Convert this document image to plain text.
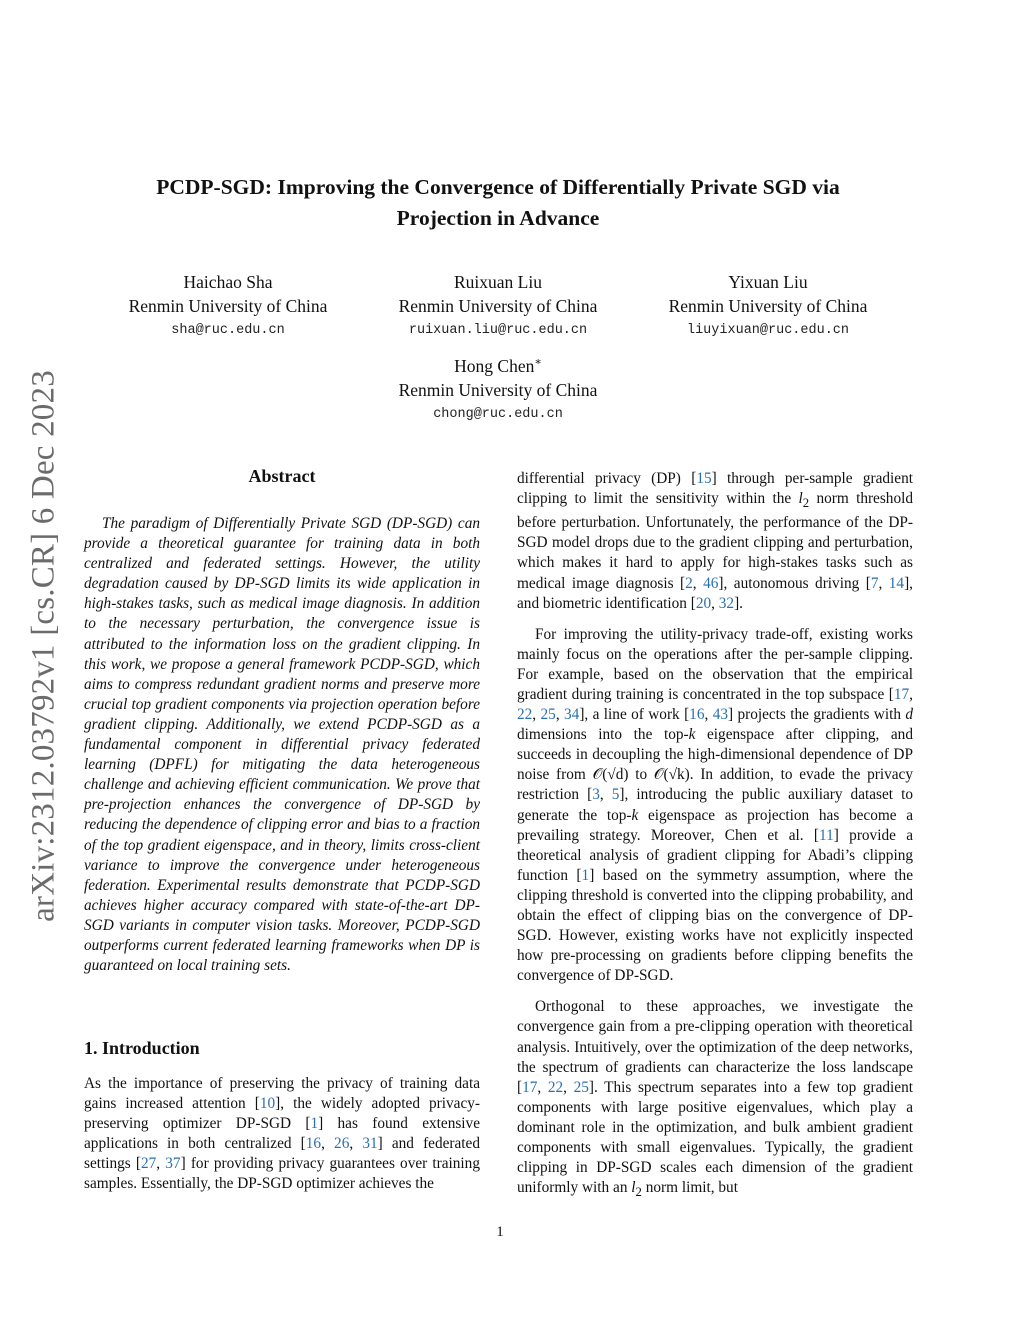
arXiv:2312.03792v1 [cs.CR] 6 Dec 2023
PCDP-SGD: Improving the Convergence of Differentially Private SGD via
Projection in Advance
Haichao Sha
Renmin University of China
sha@ruc.edu.cn
Ruixuan Liu
Renmin University of China
ruixuan.liu@ruc.edu.cn
Yixuan Liu
Renmin University of China
liuyixuan@ruc.edu.cn
Hong Chen∗
Renmin University of China
chong@ruc.edu.cn
Abstract

The paradigm of Differentially Private SGD (DP-SGD) can provide a theoretical guarantee for training data in both centralized and federated settings. However, the utility degradation caused by DP-SGD limits its wide application in high-stakes tasks, such as medical image diagnosis. In addition to the necessary perturbation, the convergence issue is attributed to the information loss on the gradient clipping. In this work, we propose a general framework PCDP-SGD, which aims to compress redundant gradient norms and preserve more crucial top gradient components via projection operation before gradient clipping. Additionally, we extend PCDP-SGD as a fundamental component in differential privacy federated learning (DPFL) for mitigating the data heterogeneous challenge and achieving efficient communication. We prove that pre-projection enhances the convergence of DP-SGD by reducing the dependence of clipping error and bias to a fraction of the top gradient eigenspace, and in theory, limits cross-client variance to improve the convergence under heterogeneous federation. Experimental results demonstrate that PCDP-SGD achieves higher accuracy compared with state-of-the-art DP-SGD variants in computer vision tasks. Moreover, PCDP-SGD outperforms current federated learning frameworks when DP is guaranteed on local training sets.

1. Introduction

As the importance of preserving the privacy of training data gains increased attention [10], the widely adopted privacy-preserving optimizer DP-SGD [1] has found extensive applications in both centralized [16, 26, 31] and federated settings [27, 37] for providing privacy guarantees over training samples. Essentially, the DP-SGD optimizer achieves the

differential privacy (DP) [15] through per-sample gradient clipping to limit the sensitivity within the $l_2$ norm threshold before perturbation. Unfortunately, the performance of the DP-SGD model drops due to the gradient clipping and perturbation, which makes it hard to apply for high-stakes tasks such as medical image diagnosis [2, 46], autonomous driving [7, 14], and biometric identification [20, 32].

For improving the utility-privacy trade-off, existing works mainly focus on the operations after the per-sample clipping. For example, based on the observation that the empirical gradient during training is concentrated in the top subspace [17, 22, 25, 34], a line of work [16, 43] projects the gradients with d dimensions into the top-k eigenspace after clipping, and succeeds in decoupling the high-dimensional dependence of DP noise from 𝒪(√d) to 𝒪(√k). In addition, to evade the privacy restriction [3, 5], introducing the public auxiliary dataset to generate the top-k eigenspace as projection has become a prevailing strategy. Moreover, Chen et al. [11] provide a theoretical analysis of gradient clipping for Abadi’s clipping function [1] based on the symmetry assumption, where the clipping threshold is converted into the clipping probability, and obtain the effect of clipping bias on the convergence of DP-SGD. However, existing works have not explicitly inspected how pre-processing on gradients before clipping benefits the convergence of DP-SGD.

Orthogonal to these approaches, we investigate the convergence gain from a pre-clipping operation with theoretical analysis. Intuitively, over the optimization of the deep networks, the spectrum of gradients can characterize the loss landscape [17, 22, 25]. This spectrum separates into a few top gradient components with large positive eigenvalues, which play a dominant role in the optimization, and bulk ambient gradient components with small eigenvalues. Typically, the gradient clipping in DP-SGD scales each dimension of the gradient uniformly with an $l_2$ norm limit, but

1
